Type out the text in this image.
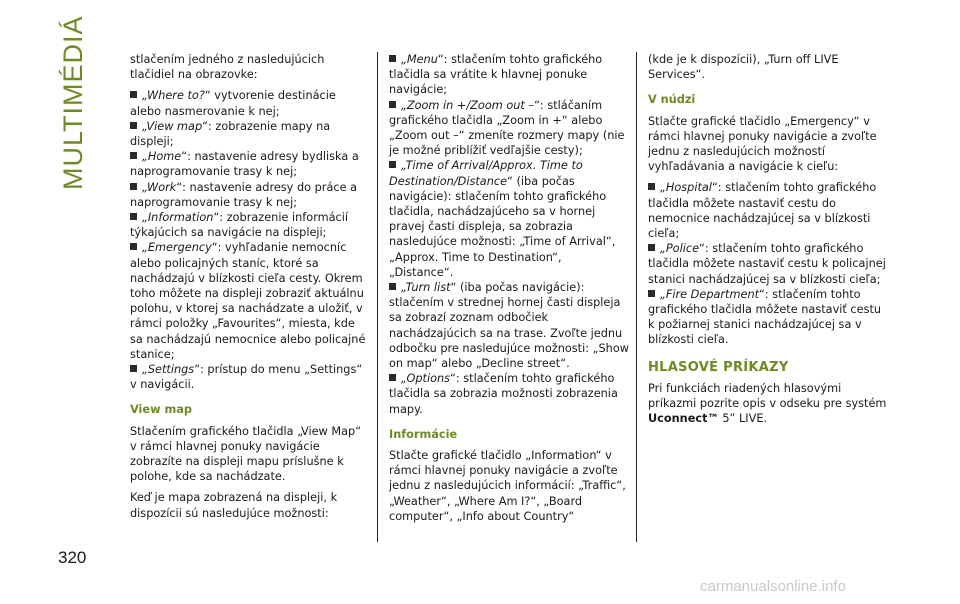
MULTIMÉDIÁ	stlačením jedného z nasledujúcich tlačidiel na obrazovke:

„Where to?“ vytvorenie destinácie alebo nasmerovanie k nej;
„View map“: zobrazenie mapy na displeji;
„Home“: nastavenie adresy bydliska a naprogramovanie trasy k nej;
„Work“: nastavenie adresy do práce a naprogramovanie trasy k nej;
„Information“: zobrazenie informácií týkajúcich sa navigácie na displeji;
„Emergency“: vyhľadanie nemocníc alebo policajných staníc, ktoré sa nachádzajú v blízkosti cieľa cesty. Okrem toho môžete na displeji zobraziť aktuálnu polohu, v ktorej sa nachádzate a uložiť, v rámci položky „Favourites“, miesta, kde sa nachádzajú nemocnice alebo policajné stanice;
„Settings“: prístup do menu „Settings“ v navigácii.
View map

Stlačením grafického tlačidla „View Map“ v rámci hlavnej ponuky navigácie zobrazíte na displeji mapu príslušne k polohe, kde sa nachádzate.

Keď je mapa zobrazená na displeji, k dispozícii sú nasledujúce možnosti:

„Menu“: stlačením tohto grafického tlačidla sa vrátite k hlavnej ponuke navigácie;
„Zoom in +/Zoom out –“: stláčaním grafického tlačidla „Zoom in +“ alebo „Zoom out –“ zmeníte rozmery mapy (nie je možné priblížiť vedľajšie cesty);
„Time of Arrival/Approx. Time to Destination/Distance“ (iba počas navigácie): stlačením tohto grafického tlačidla, nachádzajúceho sa v hornej pravej časti displeja, sa zobrazia nasledujúce možnosti: „Time of Arrival“, „Approx. Time to Destination“, „Distance“.
„Turn list“ (iba počas navigácie): stlačením v strednej hornej časti displeja sa zobrazí zoznam odbočiek nachádzajúcich sa na trase. Zvoľte jednu odbočku pre nasledujúce možnosti: „Show on map“ alebo „Decline street“.
„Options“: stlačením tohto grafického tlačidla sa zobrazia možnosti zobrazenia mapy.
Informácie

Stlačte grafické tlačidlo „Information“ v rámci hlavnej ponuky navigácie a zvoľte jednu z nasledujúcich informácií: „Traffic“, „Weather“, „Where Am I?“, „Board computer“, „Info about Country“

(kde je k dispozícii), „Turn off LIVE Services“.

V núdzi

Stlačte grafické tlačidlo „Emergency“ v rámci hlavnej ponuky navigácie a zvoľte jednu z nasledujúcich možností vyhľadávania a navigácie k cieľu:

„Hospital“: stlačením tohto grafického tlačidla môžete nastaviť cestu do nemocnice nachádzajúcej sa v blízkosti cieľa;
„Police“: stlačením tohto grafického tlačidla môžete nastaviť cestu k policajnej stanici nachádzajúcej sa v blízkosti cieľa;
„Fire Department“: stlačením tohto grafického tlačidla môžete nastaviť cestu k požiarnej stanici nachádzajúcej sa v blízkosti cieľa.
HLASOVÉ PRÍKAZY

Pri funkciách riadených hlasovými príkazmi pozrite opis v odseku pre systém Uconnect™ 5” LIVE.

320
carmanualsonline.info
